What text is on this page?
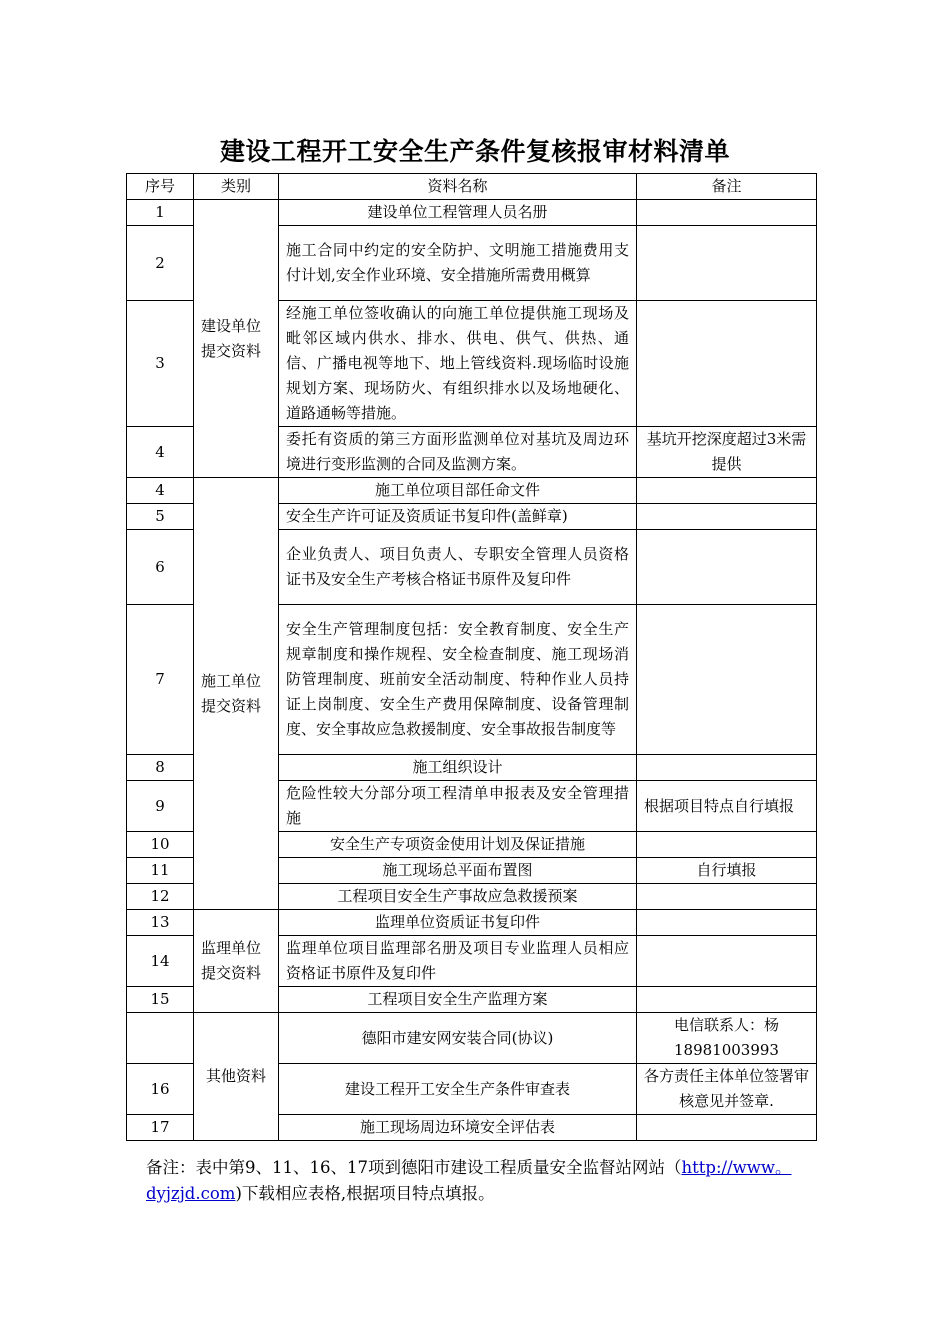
建设工程开工安全生产条件复核报审材料清单
序号	类别	资料名称	备注
1	建设单位提交资料	建设单位工程管理人员名册	
2		施工合同中约定的安全防护、文明施工措施费用支付计划,安全作业环境、安全措施所需费用概算	
3		经施工单位签收确认的向施工单位提供施工现场及毗邻区域内供水、排水、供电、供气、供热、通信、广播电视等地下、地上管线资料.现场临时设施规划方案、现场防火、有组织排水以及场地硬化、道路通畅等措施。	
4		委托有资质的第三方面形监测单位对基坑及周边环境进行变形监测的合同及监测方案。	基坑开挖深度超过3米需提供
4	施工单位提交资料	施工单位项目部任命文件	
5		安全生产许可证及资质证书复印件(盖鲜章)	
6		企业负责人、项目负责人、专职安全管理人员资格证书及安全生产考核合格证书原件及复印件	
7		安全生产管理制度包括：安全教育制度、安全生产规章制度和操作规程、安全检查制度、施工现场消防管理制度、班前安全活动制度、特种作业人员持证上岗制度、安全生产费用保障制度、设备管理制度、安全事故应急救援制度、安全事故报告制度等	
8		施工组织设计	
9		危险性较大分部分项工程清单申报表及安全管理措施	根据项目特点自行填报
10		安全生产专项资金使用计划及保证措施	
11		施工现场总平面布置图	自行填报
12		工程项目安全生产事故应急救援预案	
13	监理单位提交资料	监理单位资质证书复印件	
14		监理单位项目监理部名册及项目专业监理人员相应资格证书原件及复印件	
15		工程项目安全生产监理方案	

	其他资料	德阳市建安网安装合同(协议)	电信联系人：杨18981003993

16		建设工程开工安全生产条件审查表	各方责任主体单位签署审核意见并签章.
17		施工现场周边环境安全评估表	

备注：表中第9、11、16、17项到德阳市建设工程质量安全监督站网站（http://www。dyjzjd.com)下载相应表格,根据项目特点填报。
